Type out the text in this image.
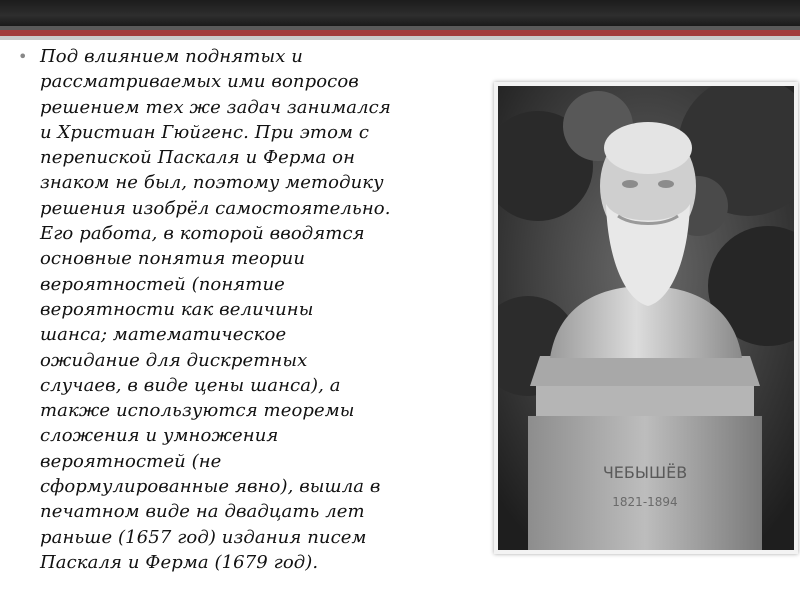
• Под влиянием поднятых и
рассматриваемых ими вопросов
решением тех же задач занимался
и Христиан Гюйгенс. При этом с
перепиской Паскаля и Ферма он
знаком не был, поэтому методику
решения изобрёл самостоятельно.
Его работа, в которой вводятся
основные понятия теории
вероятностей (понятие
вероятности как величины
шанса; математическое
ожидание для дискретных
случаев, в виде цены шанса), а
также используются теоремы
сложения и умножения
вероятностей (не
сформулированные явно), вышла в
печатном виде на двадцать лет
раньше (1657 год) издания писем
Паскаля и Ферма (1679 год).
ЧЕБЫШЁВ
1821-1894
